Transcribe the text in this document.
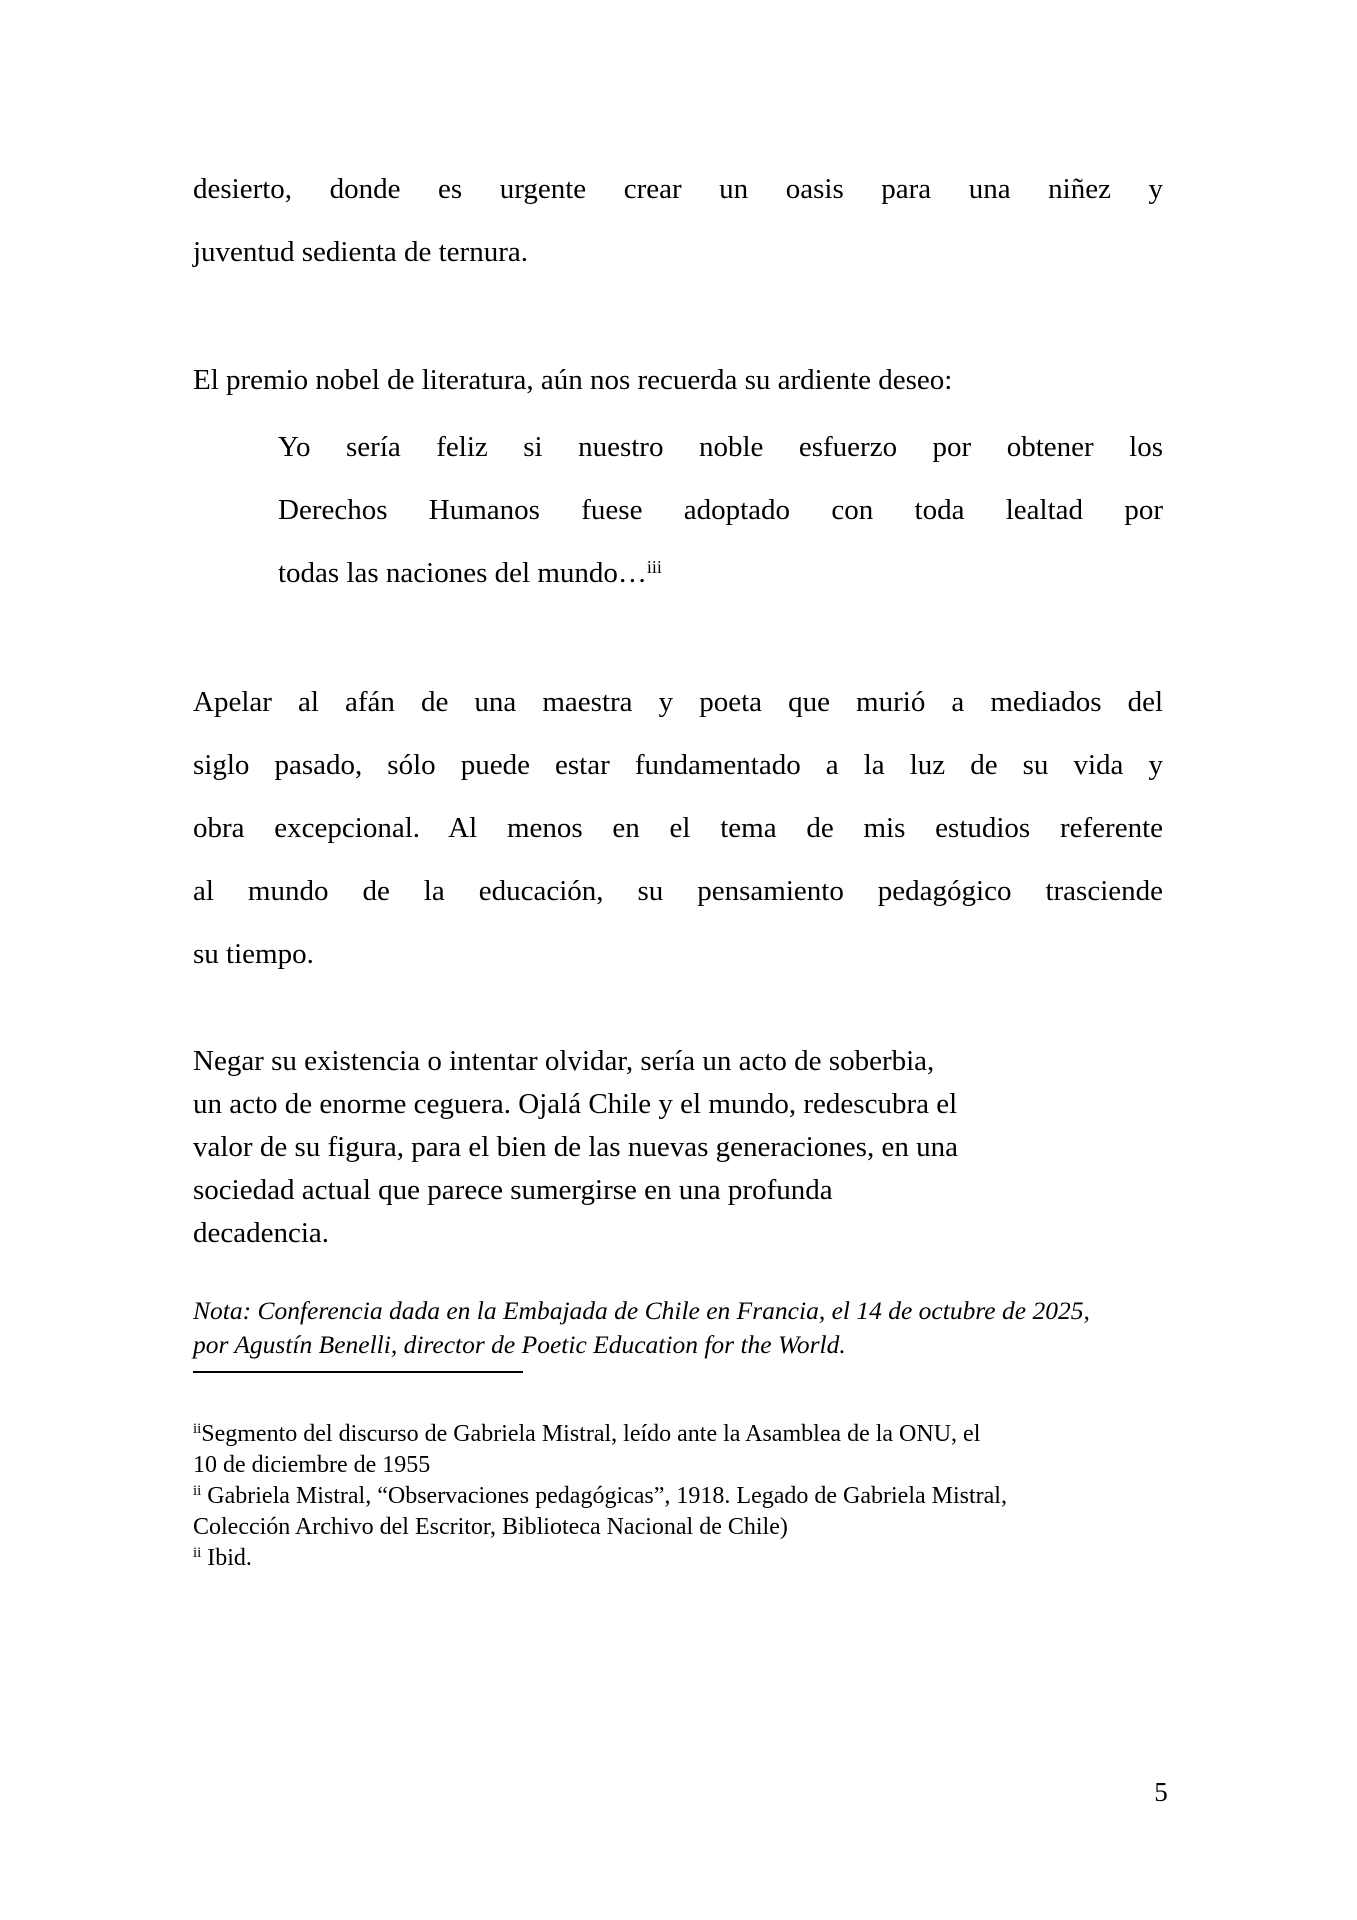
desierto, donde es urgente crear un oasis para una niñez y
juventud sedienta de ternura.
El premio nobel de literatura, aún nos recuerda su ardiente deseo:
Yo sería feliz si nuestro noble esfuerzo por obtener los
Derechos Humanos fuese adoptado con toda lealtad por
todas las naciones del mundo…$^{iii}$
Apelar al afán de una maestra y poeta que murió a mediados del
siglo pasado, sólo puede estar fundamentado a la luz de su vida y
obra excepcional. Al menos en el tema de mis estudios referente
al mundo de la educación, su pensamiento pedagógico trasciende
su tiempo.
Negar su existencia o intentar olvidar, sería un acto de soberbia,
un acto de enorme ceguera. Ojalá Chile y el mundo, redescubra el
valor de su figura, para el bien de las nuevas generaciones, en una
sociedad actual que parece sumergirse en una profunda
decadencia.
Nota: Conferencia dada en la Embajada de Chile en Francia, el 14 de octubre de 2025,
por Agustín Benelli, director de Poetic Education for the World.
$^{ii}$Segmento del discurso de Gabriela Mistral, leído ante la Asamblea de la ONU, el
10 de diciembre de 1955
$^{ii}$ Gabriela Mistral, “Observaciones pedagógicas”, 1918. Legado de Gabriela Mistral,
Colección Archivo del Escritor, Biblioteca Nacional de Chile)
$^{ii}$ Ibid.
5
